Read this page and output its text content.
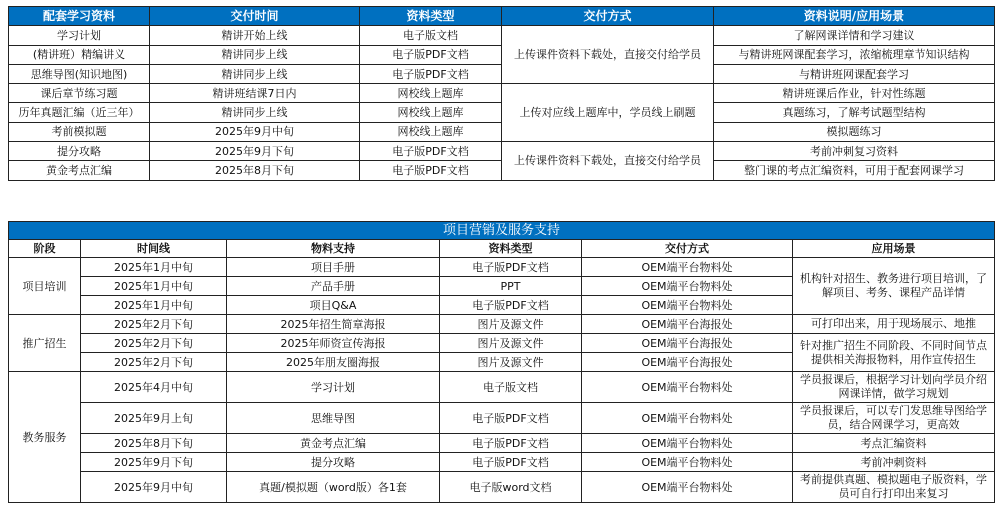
配套学习资料	交付时间	资料类型	交付方式	资料说明/应用场景
学习计划	精讲开始上线	电子版文档	上传课件资料下载处，直接交付给学员	了解网课详情和学习建议
(精讲班）精编讲义	精讲同步上线	电子版PDF文档		与精讲班网课配套学习，浓缩梳理章节知识结构
思维导图(知识地图)	精讲同步上线	电子版PDF文档		与精讲班网课配套学习
课后章节练习题	精讲班结课7日内	网校线上题库	上传对应线上题库中，学员线上刷题	精讲班课后作业，针对性练题
历年真题汇编（近三年）	精讲同步上线	网校线上题库		真题练习，了解考试题型结构
考前模拟题	2025年9月中旬	网校线上题库		模拟题练习
提分攻略	2025年9月下旬	电子版PDF文档	上传课件资料下载处，直接交付给学员	考前冲刺复习资料
黄金考点汇编	2025年8月下旬	电子版PDF文档		整门课的考点汇编资料，可用于配套网课学习
项目营销及服务支持					
阶段	时间线	物料支持	资料类型	交付方式	应用场景
项目培训	2025年1月中旬	项目手册	电子版PDF文档	OEM端平台物料处	机构针对招生、教务进行项目培训，了解项目、考务、课程产品详情
	2025年1月中旬	产品手册	PPT	OEM端平台物料处	
	2025年1月中旬	项目Q&A	电子版PDF文档	OEM端平台物料处	
推广招生	2025年2月下旬	2025年招生简章海报	图片及源文件	OEM端平台海报处	可打印出来，用于现场展示、地推
	2025年2月下旬	2025年师资宣传海报	图片及源文件	OEM端平台海报处	针对推广招生不同阶段、不同时间节点提供相关海报物料，用作宣传招生
	2025年2月下旬	2025年朋友圈海报	图片及源文件	OEM端平台海报处	
教务服务	2025年4月中旬	学习计划	电子版文档	OEM端平台物料处	学员报课后，根据学习计划向学员介绍网课详情，做学习规划
	2025年9月上旬	思维导图	电子版PDF文档	OEM端平台物料处	学员报课后，可以专门发思维导图给学员，结合网课学习，更高效
	2025年8月下旬	黄金考点汇编	电子版PDF文档	OEM端平台物料处	考点汇编资料
	2025年9月下旬	提分攻略	电子版PDF文档	OEM端平台物料处	考前冲刺资料
	2025年9月中旬	真题/模拟题（word版）各1套	电子版word文档	OEM端平台物料处	考前提供真题、模拟题电子版资料，学员可自行打印出来复习
